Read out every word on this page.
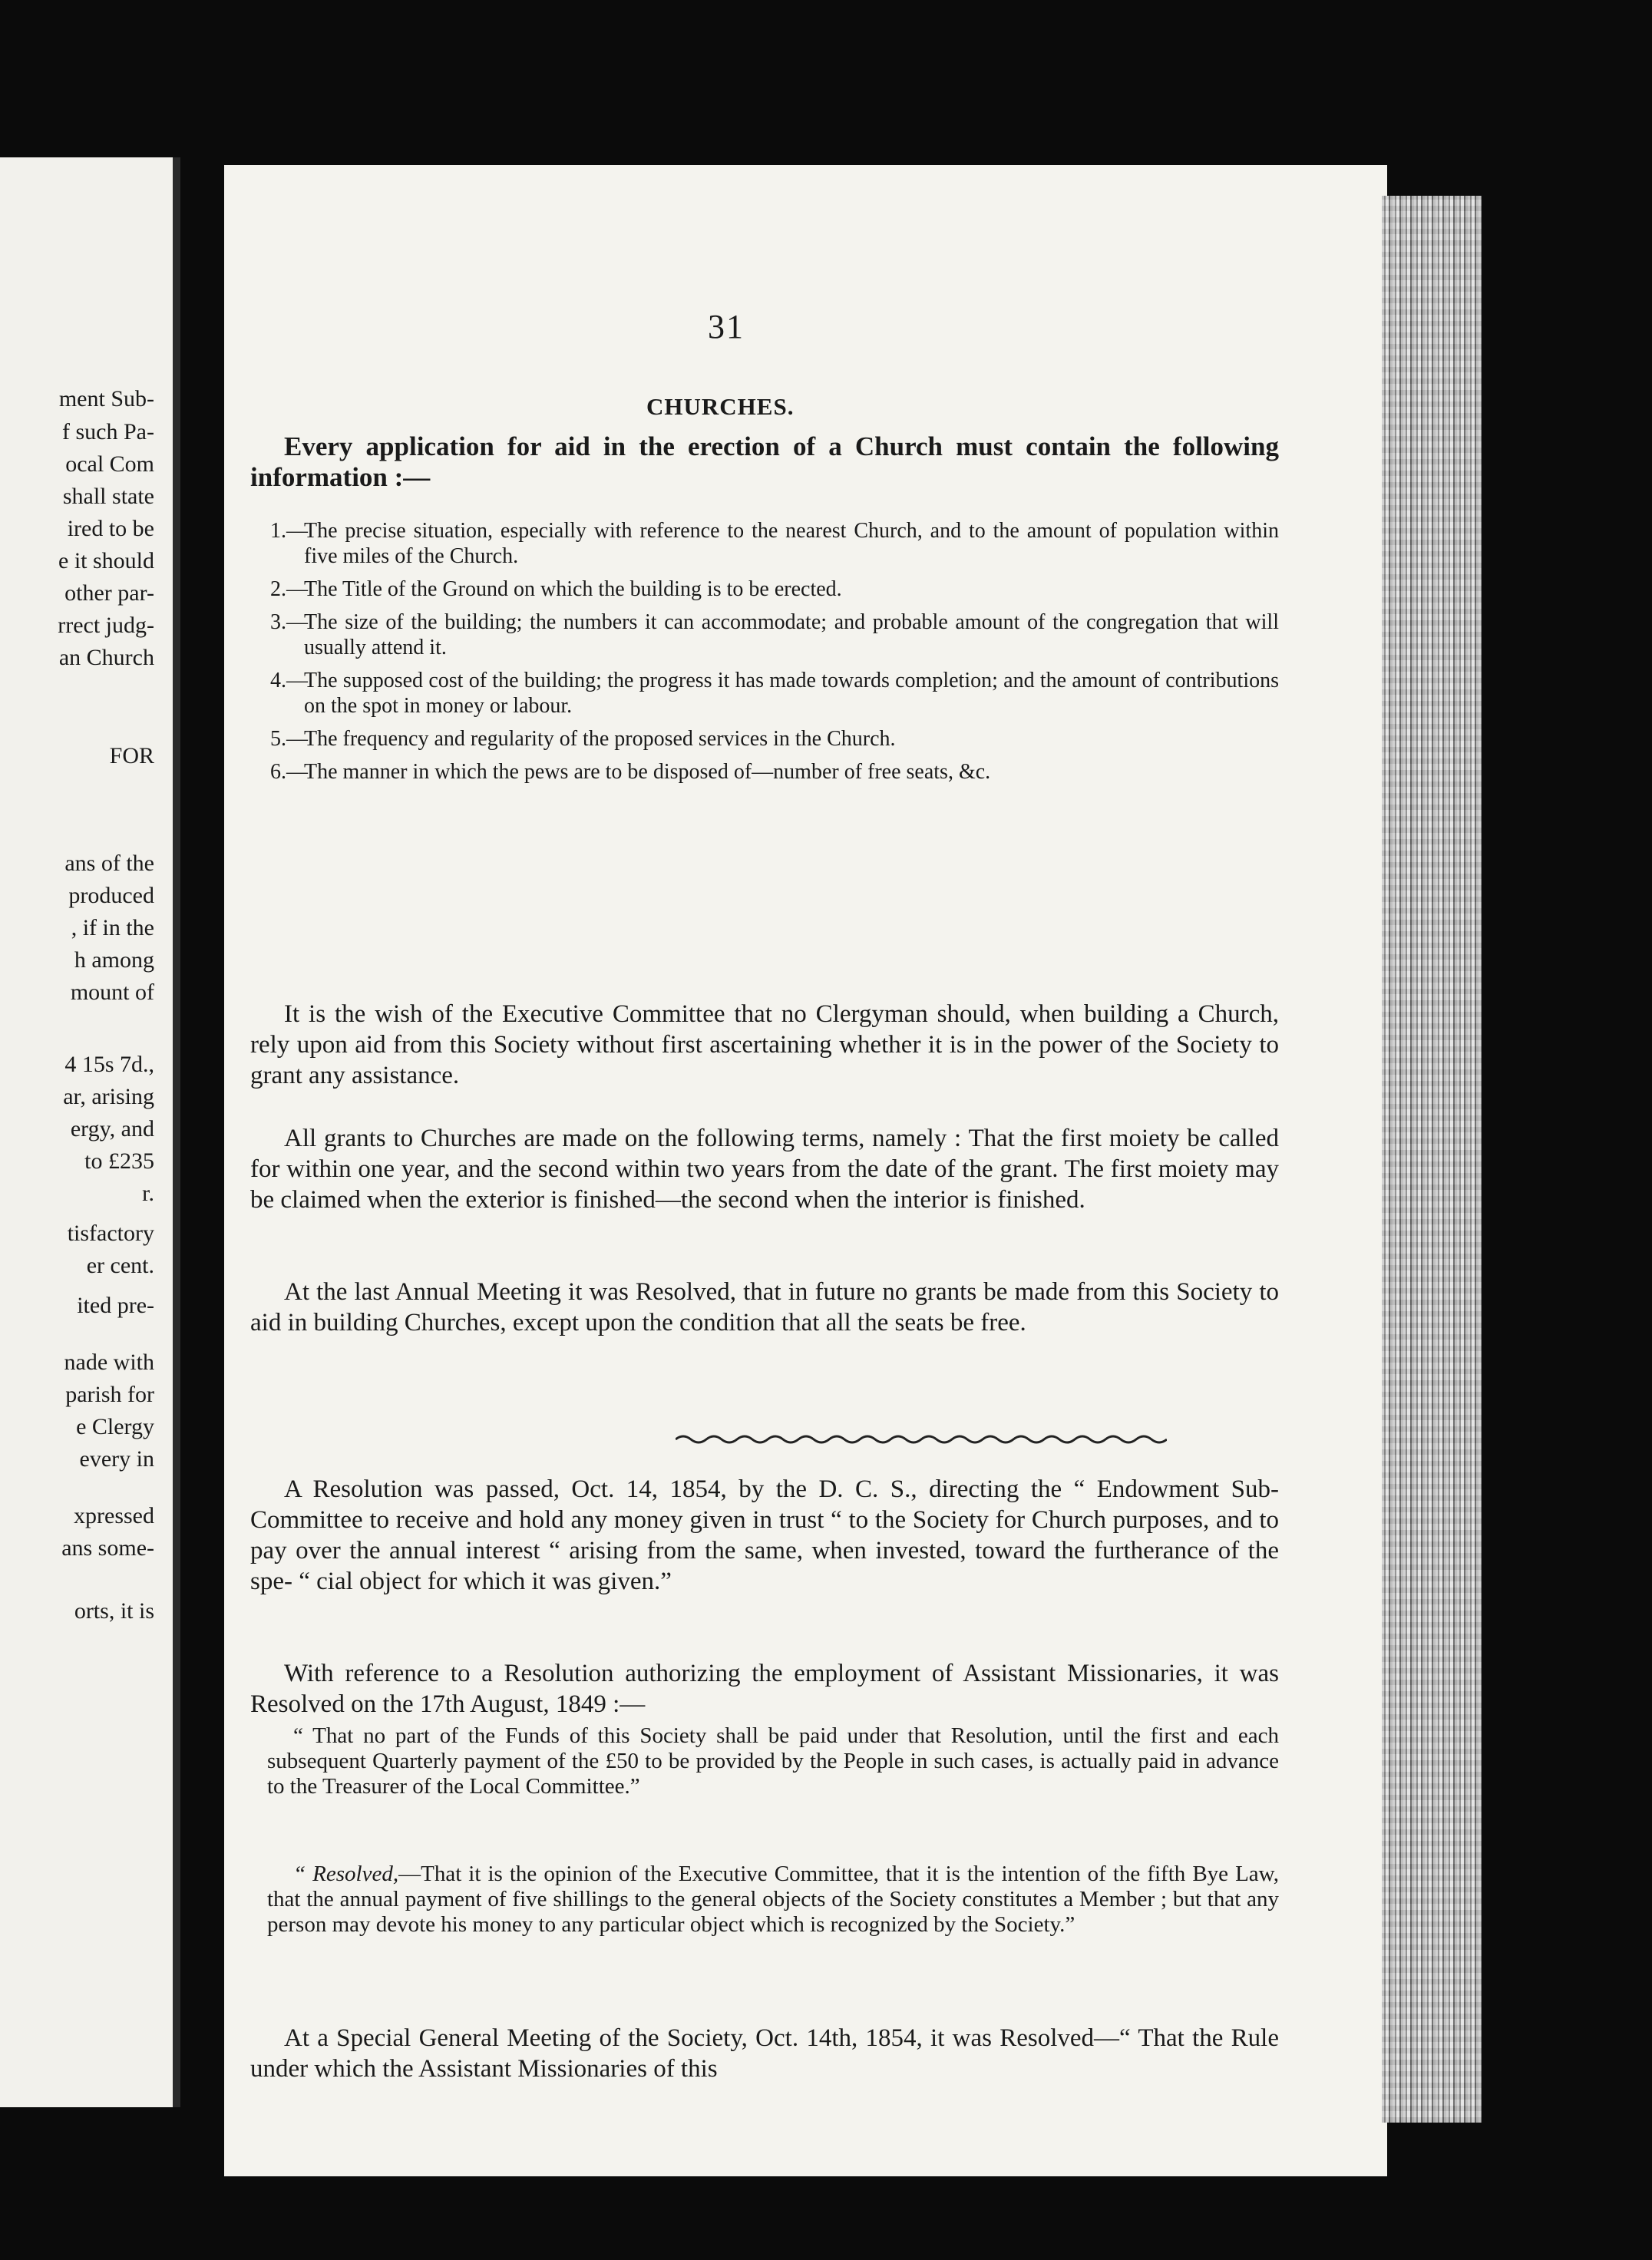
ment Sub-
f such Pa-
ocal Com
shall state
ired to be
e it should
other par-
rrect judg-
an Church
FOR
ans of the
produced
, if in the
h among
mount of
4 15s 7d.,
ar, arising
ergy, and
to £235
r.
tisfactory
er cent.
ited pre-
nade with
parish for
e Clergy
every in
xpressed
ans some-
orts, it is
31
CHURCHES.

Every application for aid in the erection of a Church must contain the following information :—

1.—
The precise situation, especially with reference to the nearest Church, and to the amount of population within five miles of the Church.
2.—
The Title of the Ground on which the building is to be erected.
3.—
The size of the building; the numbers it can accommodate; and probable amount of the congregation that will usually attend it.
4.—
The supposed cost of the building; the progress it has made towards completion; and the amount of contributions on the spot in money or labour.
5.—
The frequency and regularity of the proposed services in the Church.
6.—
The manner in which the pews are to be disposed of—number of free seats, &c.

It is the wish of the Executive Committee that no Clergyman should, when building a Church, rely upon aid from this Society without first ascertaining whether it is in the power of the Society to grant any assistance.

All grants to Churches are made on the following terms, namely : That the first moiety be called for within one year, and the second within two years from the date of the grant. The first moiety may be claimed when the exterior is finished—the second when the interior is finished.

At the last Annual Meeting it was Resolved, that in future no grants be made from this Society to aid in building Churches, except upon the condition that all the seats be free.

A Resolution was passed, Oct. 14, 1854, by the D. C. S., directing the “ Endowment Sub-Committee to receive and hold any money given in trust “ to the Society for Church purposes, and to pay over the annual interest “ arising from the same, when invested, toward the furtherance of the spe- “ cial object for which it was given.”

With reference to a Resolution authorizing the employment of Assistant Missionaries, it was Resolved on the 17th August, 1849 :—

“ That no part of the Funds of this Society shall be paid under that Resolution, until the first and each subsequent Quarterly payment of the £50 to be provided by the People in such cases, is actually paid in advance to the Treasurer of the Local Committee.”

“ Resolved,—That it is the opinion of the Executive Committee, that it is the intention of the fifth Bye Law, that the annual payment of five shillings to the general objects of the Society constitutes a Member ; but that any person may devote his money to any particular object which is recognized by the Society.”

At a Special General Meeting of the Society, Oct. 14th, 1854, it was Resolved—“ That the Rule under which the Assistant Missionaries of this
